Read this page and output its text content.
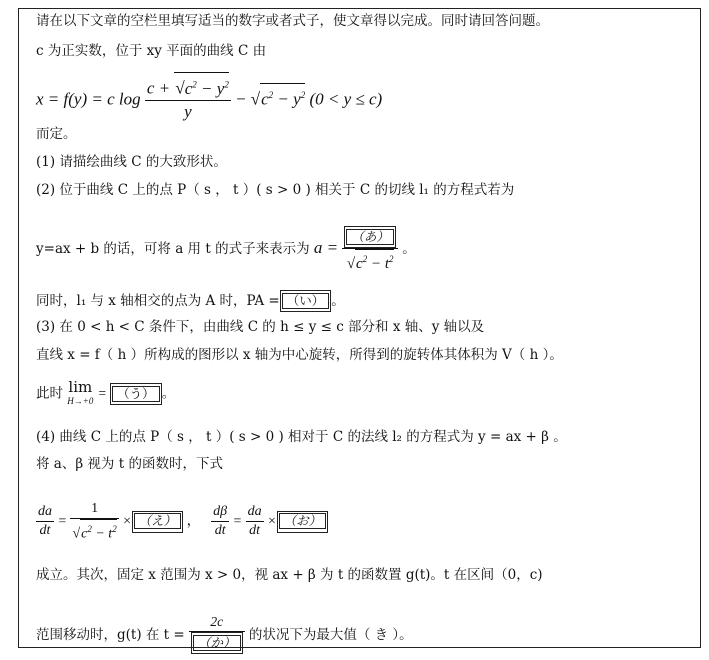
请在以下文章的空栏里填写适当的数字或者式子，使文章得以完成。同时请回答问题。
c 为正实数，位于 xy 平面的曲线 C 由
x = f(y) = c $\log \frac{c + √c^2 - y^2}{y} - √c^2 - y^2$ (0 < y ≤ c)
而定。
(1) 请描绘曲线 C 的大致形状。
(2) 位于曲线 C 上的点 P（ s ， t ）( s > 0 ) 相关于 C 的切线 l₁ 的方程式若为
y=ax + b 的话，可将 a 用 t 的式子来表示为 $a = \frac{\text{（あ）}}{√c^2 - t^2}$ 。
同时，l₁ 与 x 轴相交的点为 A 时，PA = （い） 。
(3) 在 0 < h < C 条件下，由曲线 C 的 h ≤ y ≤ c 部分和 x 轴、y 轴以及
直线 x = f（ h ）所构成的图形以 x 轴为中心旋转，所得到的旋转体其体积为 V（ h ）。
此时 lim
H→+0
= （う） 。
(4) 曲线 C 上的点 P（ s ， t ）( s > 0 ) 相对于 C 的法线 l₂ 的方程式为 y = ax + β 。
将 a、β 视为 t 的函数时，下式
$\frac{da}{dt} = \frac{1}{√c^2 - t^2}$ × （え） ， $\frac{d\beta}{dt} = \frac{da}{dt}$ × （お）
成立。其次，固定 x 范围为 x > 0，视 ax + β 为 t 的函数置 g(t)。t 在区间（0，c)
范围移动时，g(t) 在 $t = \frac{2c}{\text{（か）}}$ 的状况下为最大值（ き ）。
